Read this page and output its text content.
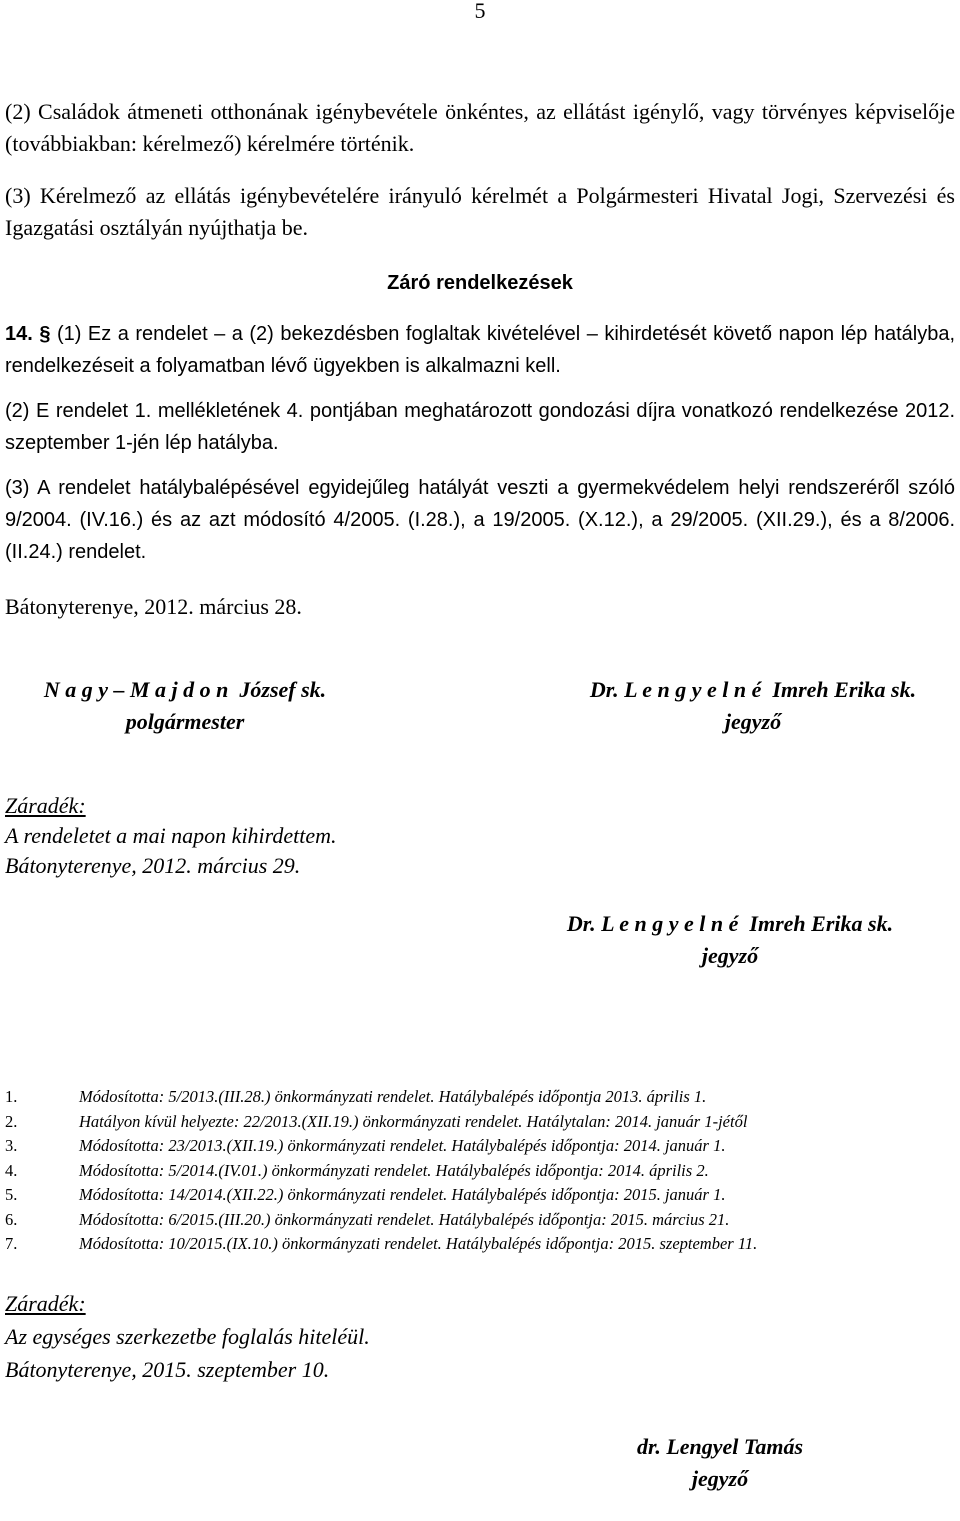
5
(2) Családok átmeneti otthonának igénybevétele önkéntes, az ellátást igénylő, vagy törvényes képviselője (továbbiakban: kérelmező) kérelmére történik.
(3) Kérelmező az ellátás igénybevételére irányuló kérelmét a Polgármesteri Hivatal Jogi, Szervezési és Igazgatási osztályán nyújthatja be.
Záró rendelkezések
14. § (1) Ez a rendelet – a (2) bekezdésben foglaltak kivételével – kihirdetését követő napon lép hatályba, rendelkezéseit a folyamatban lévő ügyekben is alkalmazni kell.
(2) E rendelet 1. mellékletének 4. pontjában meghatározott gondozási díjra vonatkozó rendelkezése 2012. szeptember 1-jén lép hatályba.
(3) A rendelet hatálybalépésével egyidejűleg hatályát veszti a gyermekvédelem helyi rendszeréről szóló 9/2004. (IV.16.) és az azt módosító 4/2005. (I.28.), a 19/2005. (X.12.), a 29/2005. (XII.29.), és a 8/2006.(II.24.) rendelet.
Bátonyterenye, 2012. március 28.
N a g y – M a j d o n  József sk.
polgármester
Dr. L e n g y e l n é  Imreh Erika sk.
jegyző
Záradék:
A rendeletet a mai napon kihirdettem.
Bátonyterenye, 2012. március 29.
Dr. L e n g y e l n é  Imreh Erika sk.
jegyző
1.	Módosította: 5/2013.(III.28.) önkormányzati rendelet. Hatálybalépés időpontja 2013. április 1.
2.	Hatályon kívül helyezte: 22/2013.(XII.19.) önkormányzati rendelet. Hatálytalan: 2014. január 1-jétől
3.	Módosította: 23/2013.(XII.19.) önkormányzati rendelet. Hatálybalépés időpontja: 2014. január 1.
4.	Módosította: 5/2014.(IV.01.) önkormányzati rendelet. Hatálybalépés időpontja: 2014. április 2.
5.	Módosította: 14/2014.(XII.22.) önkormányzati rendelet. Hatálybalépés időpontja: 2015. január 1.
6.	Módosította: 6/2015.(III.20.) önkormányzati rendelet. Hatálybalépés időpontja: 2015. március 21.
7.	Módosította: 10/2015.(IX.10.) önkormányzati rendelet. Hatálybalépés időpontja: 2015. szeptember 11.
Záradék:
Az egységes szerkezetbe foglalás hiteléül.
Bátonyterenye, 2015. szeptember 10.
dr. Lengyel Tamás
jegyző
